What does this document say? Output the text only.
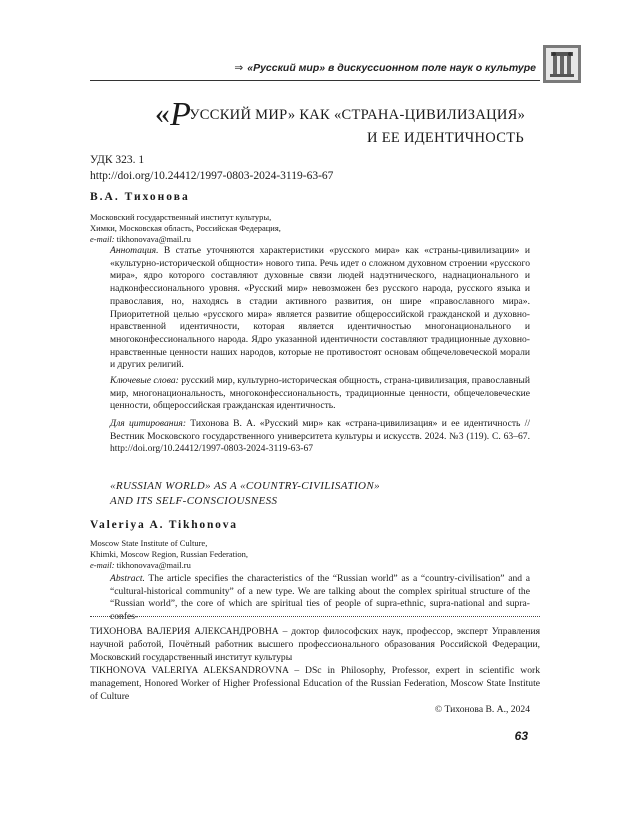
⇒ «Русский мир» в дискуссионном поле наук о культуре
«РУССКИЙ МИР» КАК «СТРАНА-ЦИВИЛИЗАЦИЯ»
И ЕЕ ИДЕНТИЧНОСТЬ
УДК 323. 1
http://doi.org/10.24412/1997-0803-2024-3119-63-67
В.А. Тихонова
Московский государственный институт культуры,
Химки, Московская область, Российская Федерация,
e-mail: tikhonovava@mail.ru
Аннотация. В статье уточняются характеристики «русского мира» как «страны-цивилизации» и «культурно-исторической общности» нового типа. Речь идет о сложном духовном строении «русского мира», ядро которого составляют духовные связи людей надэтнического, наднационального и надконфессионального уровня. «Русский мир» невозможен без русского народа, русского языка и православия, но, находясь в стадии активного развития, он шире «православного мира». Приоритетной целью «русского мира» является развитие общероссийской гражданской и духовно-нравственной идентичности, которая является идентичностью многонационального и многоконфессионального народа. Ядро указанной идентичности составляют традиционные духовно-нравственные ценности наших народов, которые не противостоят основам общечеловеческой морали и других религий.
Ключевые слова: русский мир, культурно-историческая общность, страна-цивилизация, православный мир, многонациональность, многоконфессиональность, традиционные ценности, общечеловеческие ценности, общероссийская гражданская идентичность.
Для цитирования: Тихонова В. А. «Русский мир» как «страна-цивилизация» и ее идентичность // Вестник Московского государственного университета культуры и искусств. 2024. №3 (119). С. 63–67. http://doi.org/10.24412/1997-0803-2024-3119-63-67
«RUSSIAN WORLD» AS A «COUNTRY-CIVILISATION»
AND ITS SELF-CONSCIOUSNESS
Valeriya A. Tikhonova
Moscow State Institute of Culture,
Khimki, Moscow Region, Russian Federation,
e-mail: tikhonovava@mail.ru
Abstract. The article specifies the characteristics of the “Russian world” as a “country-civilisation” and a “cultural-historical community” of a new type. We are talking about the complex spiritual structure of the “Russian world”, the core of which are spiritual ties of people of supra-ethnic, supra-national and supra-confes-
ТИХОНОВА ВАЛЕРИЯ АЛЕКСАНДРОВНА – доктор философских наук, профессор, эксперт Управления научной работой, Почётный работник высшего профессионального образования Российской Федерации, Московский государственный институт культуры
TIKHONOVA VALERIYA ALEKSANDROVNA – DSc in Philosophy, Professor, expert in scientific work management, Honored Worker of Higher Professional Education of the Russian Federation, Moscow State Institute of Culture
© Тихонова В. А., 2024
63
